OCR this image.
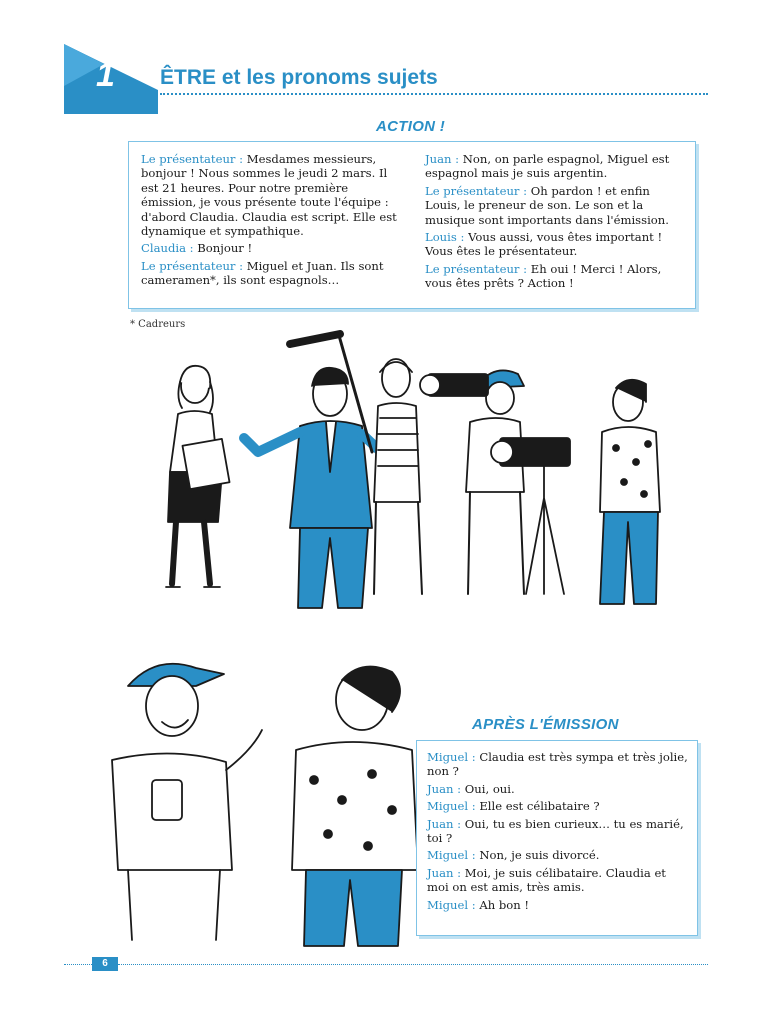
1 ÊTRE et les pronoms sujets
ACTION !
Le présentateur : Mesdames messieurs, bonjour ! Nous sommes le jeudi 2 mars. Il est 21 heures. Pour notre première émission, je vous présente toute l'équipe : d'abord Claudia. Claudia est script. Elle est dynamique et sympathique.
Claudia : Bonjour !
Le présentateur : Miguel et Juan. Ils sont cameramen*, ils sont espagnols…
Juan : Non, on parle espagnol, Miguel est espagnol mais je suis argentin.
Le présentateur : Oh pardon ! et enfin Louis, le preneur de son. Le son et la musique sont importants dans l'émission.
Louis : Vous aussi, vous êtes important ! Vous êtes le présentateur.
Le présentateur : Eh oui ! Merci ! Alors, vous êtes prêts ? Action !
* Cadreurs
APRÈS L'ÉMISSION
Miguel : Claudia est très sympa et très jolie, non ?
Juan : Oui, oui.
Miguel : Elle est célibataire ?
Juan : Oui, tu es bien curieux… tu es marié, toi ?
Miguel : Non, je suis divorcé.
Juan : Moi, je suis célibataire. Claudia et moi on est amis, très amis.
Miguel : Ah bon !
6
